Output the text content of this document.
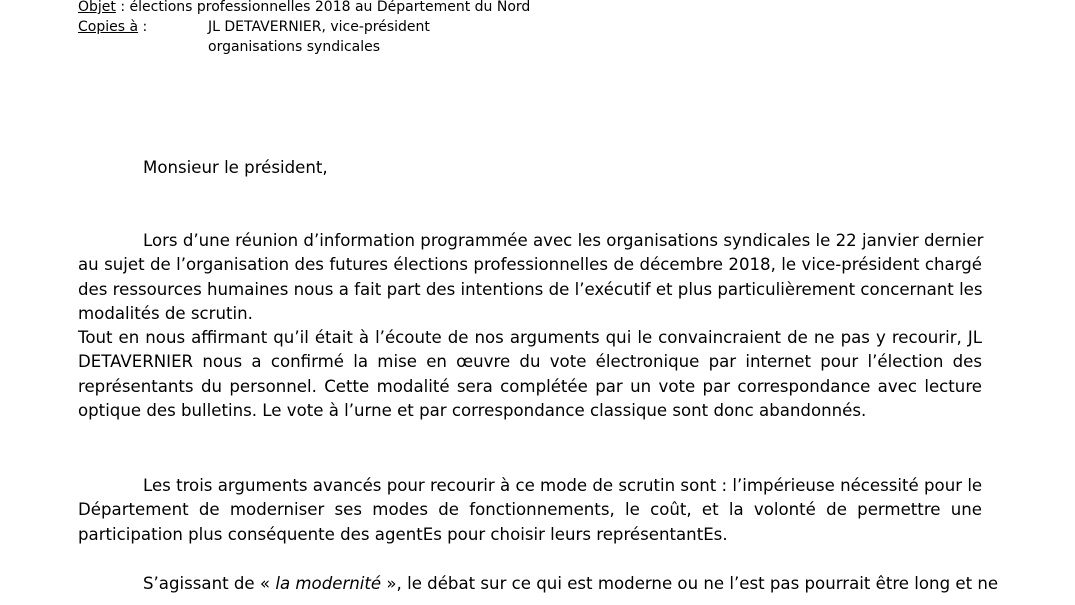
Objet : élections professionnelles 2018 au Département du Nord
Copies à :	JL DETAVERNIER, vice-président
organisations syndicales
Monsieur le président,
Lors d’une réunion d’information programmée avec les organisations syndicales le 22 janvier dernier
au sujet de l’organisation des futures élections professionnelles de décembre 2018, le vice-président chargé
des ressources humaines nous a fait part des intentions de l’exécutif et plus particulièrement concernant les
modalités de scrutin.
Tout en nous affirmant qu’il était à l’écoute de nos arguments qui le convaincraient de ne pas y recourir, JL
DETAVERNIER nous a confirmé la mise en œuvre du vote électronique par internet pour l’élection des
représentants du personnel. Cette modalité sera complétée par un vote par correspondance avec lecture
optique des bulletins. Le vote à l’urne et par correspondance classique sont donc abandonnés.
Les trois arguments avancés pour recourir à ce mode de scrutin sont : l’impérieuse nécessité pour le
Département de moderniser ses modes de fonctionnements, le coût, et la volonté de permettre une
participation plus conséquente des agentEs pour choisir leurs représentantEs.
S’agissant de « la modernité », le débat sur ce qui est moderne ou ne l’est pas pourrait être long et ne
